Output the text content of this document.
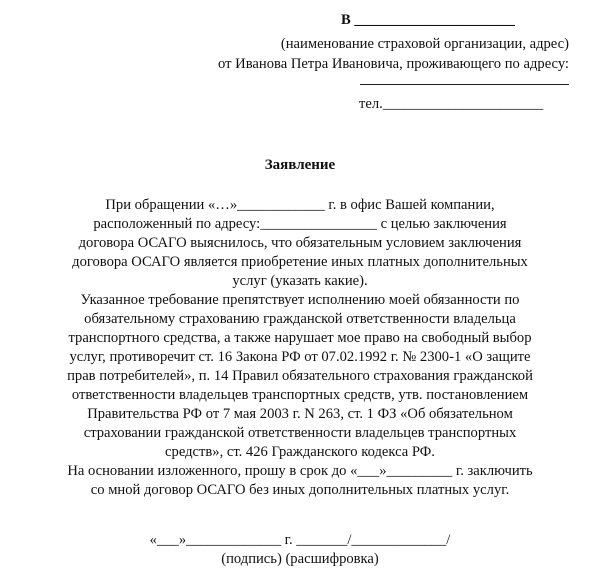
В ______________________
(наименование страховой организации, адрес)
от Иванова Петра Ивановича, проживающего по адресу:
тел.______________________
Заявление
При обращении «…»____________ г. в офис Вашей компании,
расположенный по адресу:________________ с целью заключения
договора ОСАГО выяснилось, что обязательным условием заключения
договора ОСАГО является приобретение иных платных дополнительных
услуг (указать какие).
Указанное требование препятствует исполнению моей обязанности по
обязательному страхованию гражданской ответственности владельца
транспортного средства, а также нарушает мое право на свободный выбор
услуг, противоречит ст. 16 Закона РФ от 07.02.1992 г. № 2300-1 «О защите
прав потребителей», п. 14 Правил обязательного страхования гражданской
ответственности владельцев транспортных средств, утв. постановлением
Правительства РФ от 7 мая 2003 г. N 263, ст. 1 ФЗ «Об обязательном
страховании гражданской ответственности владельцев транспортных
средств», ст. 426 Гражданского кодекса РФ.
На основании изложенного, прошу в срок до «___»_________ г. заключить
со мной договор ОСАГО без иных дополнительных платных услуг.
«___»_____________ г. _______/_____________/
(подпись) (расшифровка)
